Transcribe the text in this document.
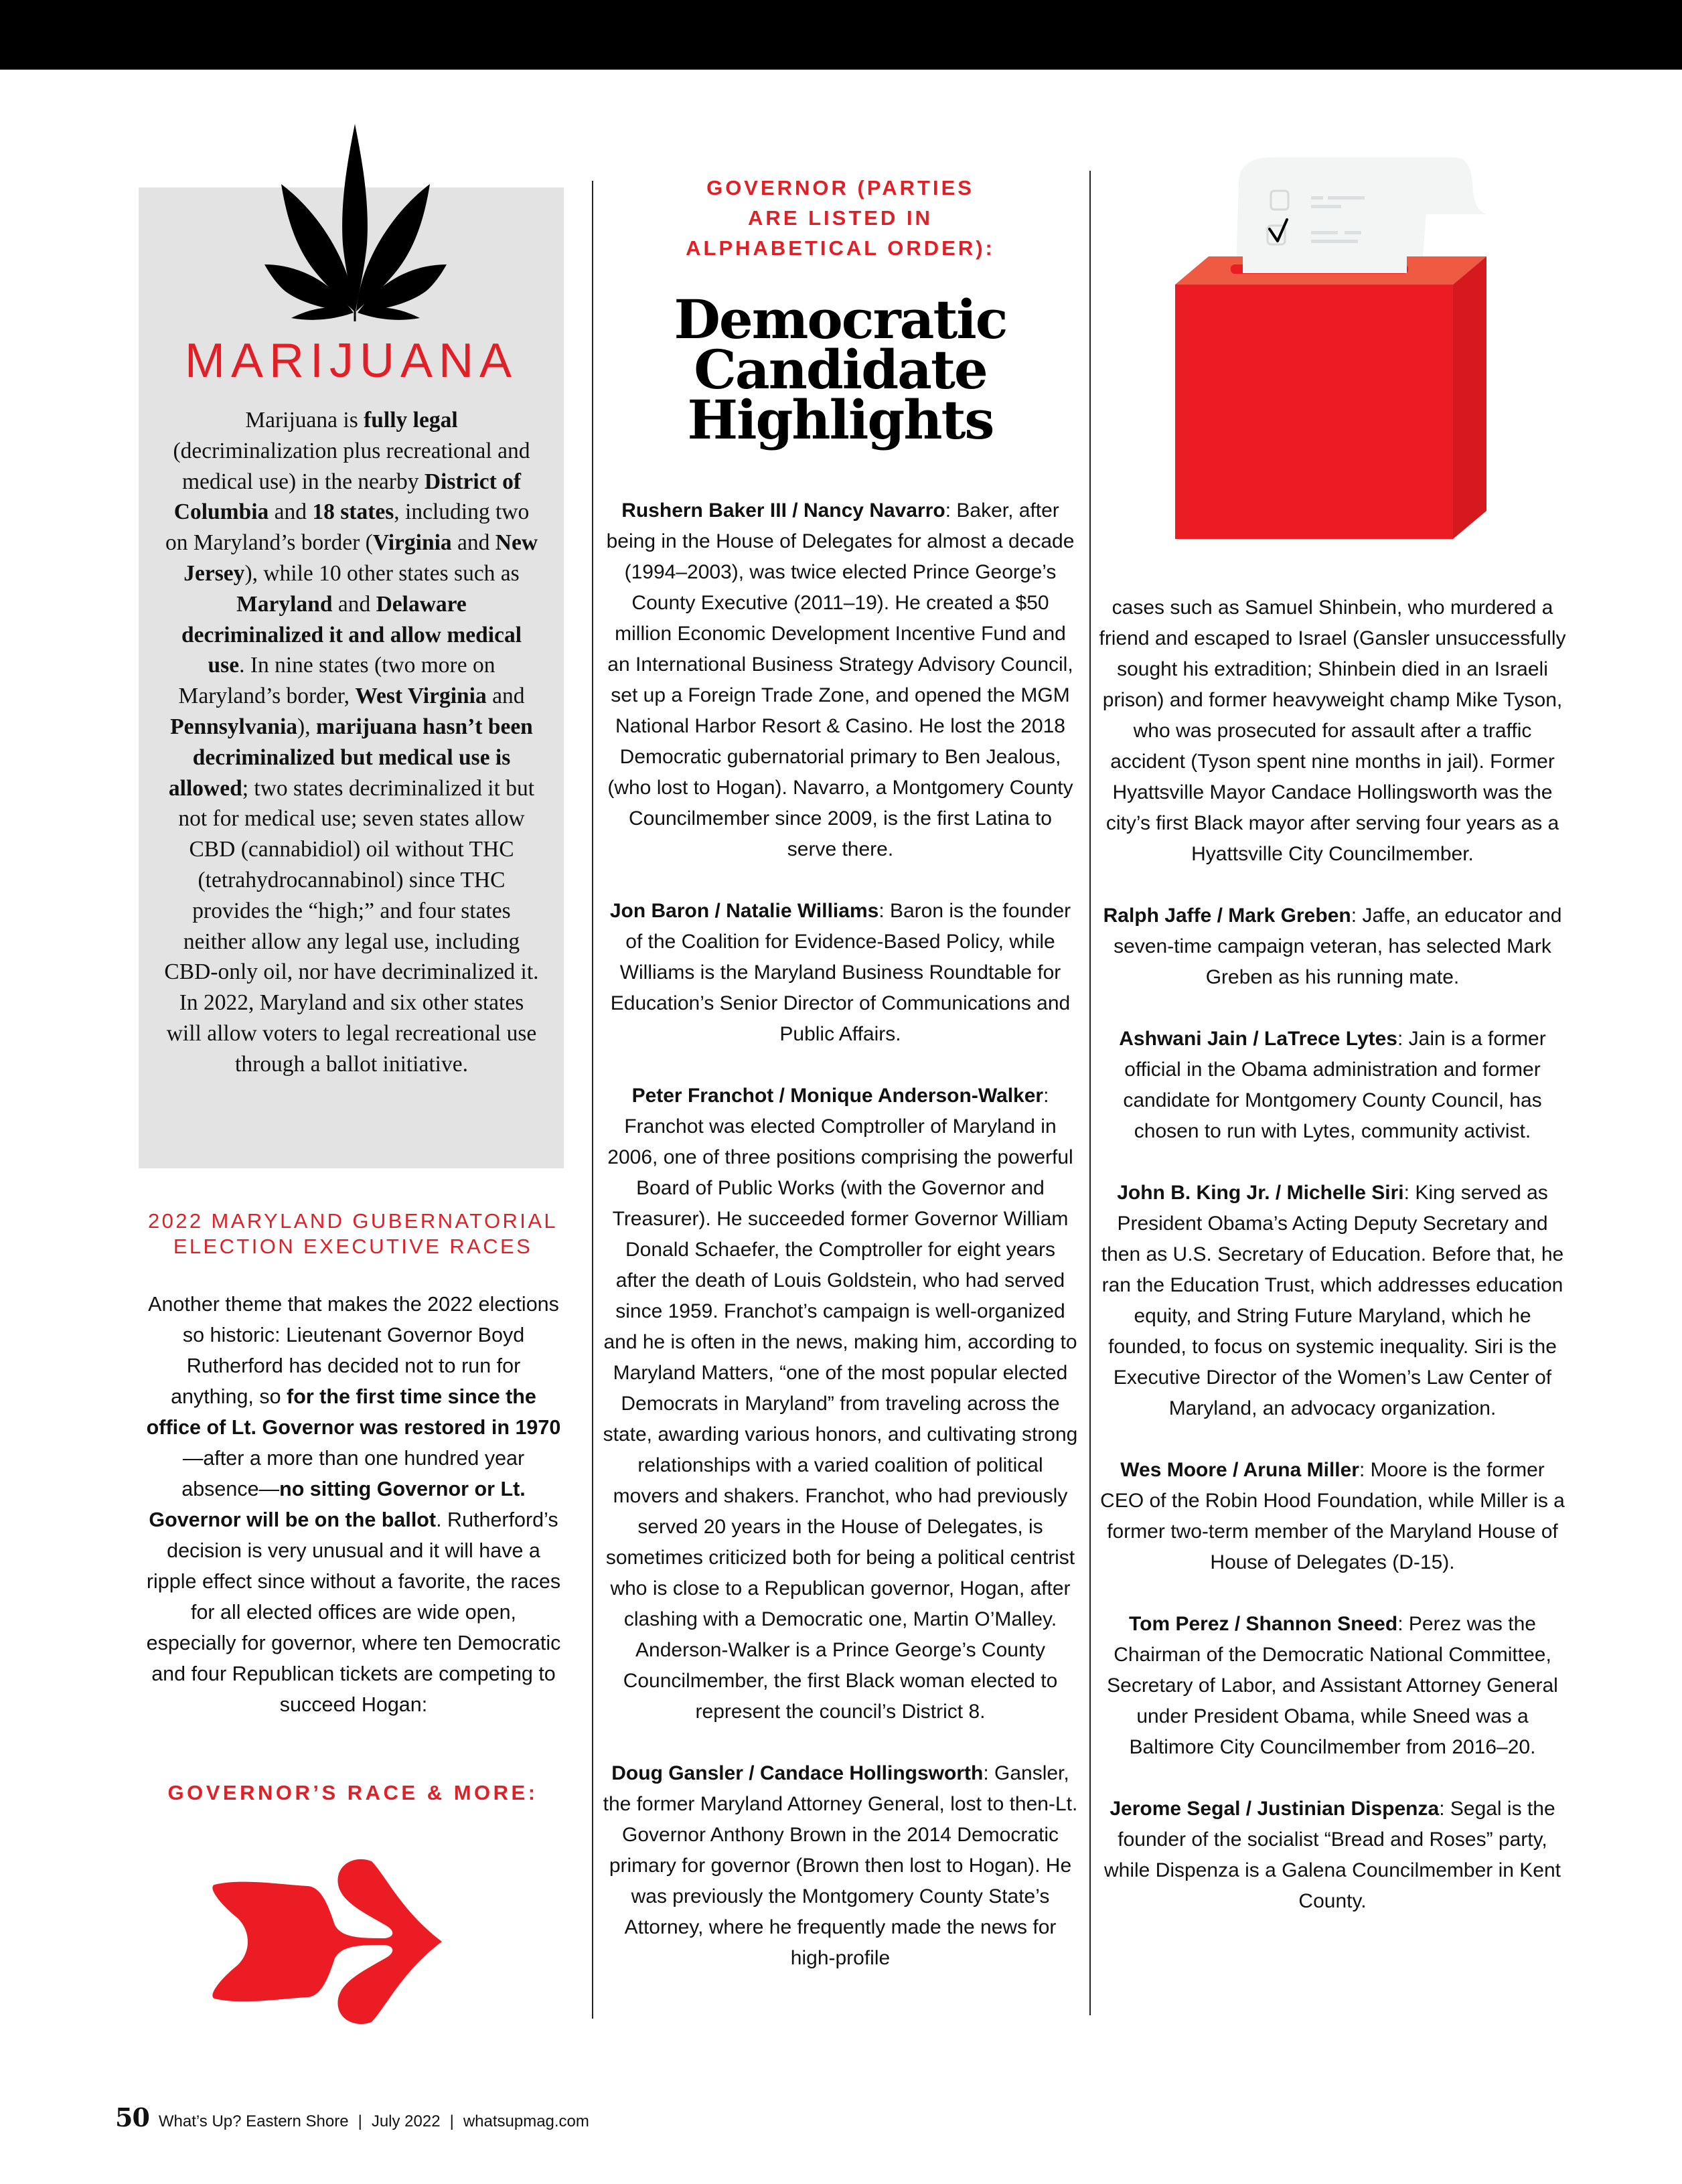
MARIJUANA
Marijuana is fully legal (decriminalization plus recreational and medical use) in the nearby District of Columbia and 18 states, including two on Maryland’s border (Virginia and New Jersey), while 10 other states such as Maryland and Delaware decriminalized it and allow medical use. In nine states (two more on Maryland’s border, West Virginia and Pennsylvania), marijuana hasn’t been decriminalized but medical use is allowed; two states decriminalized it but not for medical use; seven states allow CBD (cannabidiol) oil without THC (tetrahydrocannabinol) since THC provides the “high;” and four states neither allow any legal use, including CBD-only oil, nor have decriminalized it. In 2022, Maryland and six other states will allow voters to legal recreational use through a ballot initiative.
2022 MARYLAND GUBERNATORIAL
ELECTION EXECUTIVE RACES
Another theme that makes the 2022 elections so historic: Lieutenant Governor Boyd Rutherford has decided not to run for anything, so for the first time since the office of Lt. Governor was restored in 1970—after a more than one hundred year absence—no sitting Governor or Lt. Governor will be on the ballot. Rutherford’s decision is very unusual and it will have a ripple effect since without a favorite, the races for all elected offices are wide open, especially for governor, where ten Democratic and four Republican tickets are competing to succeed Hogan:
GOVERNOR’S RACE & MORE:
GOVERNOR (PARTIES
ARE LISTED IN
ALPHABETICAL ORDER):
Democratic
Candidate
Highlights

Rushern Baker III / Nancy Navarro: Baker, after being in the House of Delegates for almost a decade (1994–2003), was twice elected Prince George’s County Executive (2011–19). He created a $50 million Economic Development Incentive Fund and an International Business Strategy Advisory Council, set up a Foreign Trade Zone, and opened the MGM National Harbor Resort & Casino. He lost the 2018 Democratic gubernatorial primary to Ben Jealous, (who lost to Hogan). Navarro, a Montgomery County Councilmember since 2009, is the first Latina to serve there.

Jon Baron / Natalie Williams: Baron is the founder of the Coalition for Evidence-Based Policy, while Williams is the Maryland Business Roundtable for Education’s Senior Director of Communications and Public Affairs.

Peter Franchot / Monique Anderson-Walker: Franchot was elected Comptroller of Maryland in 2006, one of three positions comprising the powerful Board of Public Works (with the Governor and Treasurer). He succeeded former Governor William Donald Schaefer, the Comptroller for eight years after the death of Louis Goldstein, who had served since 1959. Franchot’s campaign is well-organized and he is often in the news, making him, according to Maryland Matters, “one of the most popular elected Democrats in Maryland” from traveling across the state, awarding various honors, and cultivating strong relationships with a varied coalition of political movers and shakers. Franchot, who had previously served 20 years in the House of Delegates, is sometimes criticized both for being a political centrist who is close to a Republican governor, Hogan, after clashing with a Democratic one, Martin O’Malley. Anderson-Walker is a Prince George’s County Councilmember, the first Black woman elected to represent the council’s District 8.

Doug Gansler / Candace Hollingsworth: Gansler, the former Maryland Attorney General, lost to then-Lt. Governor Anthony Brown in the 2014 Democratic primary for governor (Brown then lost to Hogan). He was previously the Montgomery County State’s Attorney, where he frequently made the news for high-profile

cases such as Samuel Shinbein, who murdered a friend and escaped to Israel (Gansler unsuccessfully sought his extradition; Shinbein died in an Israeli prison) and former heavyweight champ Mike Tyson, who was prosecuted for assault after a traffic accident (Tyson spent nine months in jail). Former Hyattsville Mayor Candace Hollingsworth was the city’s first Black mayor after serving four years as a Hyattsville City Councilmember.

Ralph Jaffe / Mark Greben: Jaffe, an educator and seven-time campaign veteran, has selected Mark Greben as his running mate.

Ashwani Jain / LaTrece Lytes: Jain is a former official in the Obama administration and former candidate for Montgomery County Council, has chosen to run with Lytes, community activist.

John B. King Jr. / Michelle Siri: King served as President Obama’s Acting Deputy Secretary and then as U.S. Secretary of Education. Before that, he ran the Education Trust, which addresses education equity, and String Future Maryland, which he founded, to focus on systemic inequality. Siri is the Executive Director of the Women’s Law Center of Maryland, an advocacy organization.

Wes Moore / Aruna Miller: Moore is the former CEO of the Robin Hood Foundation, while Miller is a former two-term member of the Maryland House of House of Delegates (D-15).

Tom Perez / Shannon Sneed: Perez was the Chairman of the Democratic National Committee, Secretary of Labor, and Assistant Attorney General under President Obama, while Sneed was a Baltimore City Councilmember from 2016–20.

Jerome Segal / Justinian Dispenza: Segal is the founder of the socialist “Bread and Roses” party, while Dispenza is a Galena Councilmember in Kent County.

50 What’s Up? Eastern Shore | July 2022 | whatsupmag.com
